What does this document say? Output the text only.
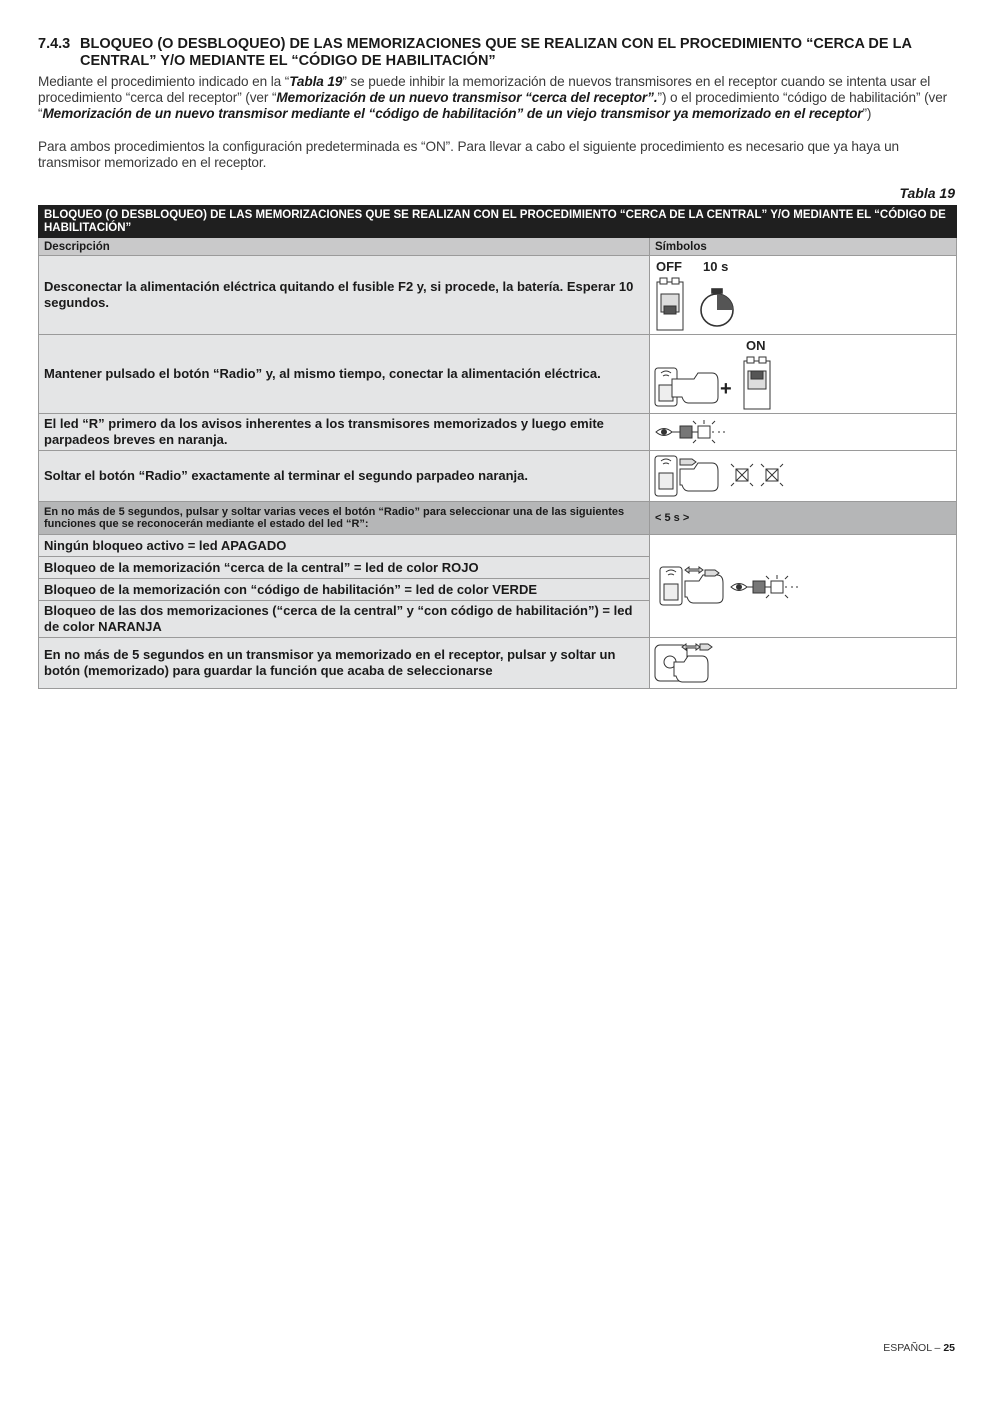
7.4.3 BLOQUEO (O DESBLOQUEO) DE LAS MEMORIZACIONES QUE SE REALIZAN CON EL PROCEDIMIENTO “CERCA DE LA CENTRAL” Y/O MEDIANTE EL “CÓDIGO DE HABILITACIÓN”

Mediante el procedimiento indicado en la “Tabla 19” se puede inhibir la memorización de nuevos transmisores en el receptor cuando se intenta usar el procedimiento “cerca del receptor” (ver “Memorización de un nuevo transmisor “cerca del receptor”.”) o el procedimiento “código de habilitación” (ver “Memorización de un nuevo transmisor mediante el “código de habilitación” de un viejo transmisor ya memorizado en el receptor”)

Para ambos procedimientos la configuración predeterminada es “ON”. Para llevar a cabo el siguiente procedimiento es necesario que ya haya un transmisor memorizado en el receptor.

Tabla 19
BLOQUEO (O DESBLOQUEO) DE LAS MEMORIZACIONES QUE SE REALIZAN CON EL PROCEDIMIENTO “CERCA DE LA CENTRAL” Y/O MEDIANTE EL “CÓDIGO DE HABILITACIÓN”	
Descripción	Símbolos
Desconectar la alimentación eléctrica quitando el fusible F2 y, si procede, la batería. Esperar 10 segundos.	OFF 10 s

Mantener pulsado el botón “Radio” y, al mismo tiempo, conectar la alimentación eléctrica.	+
ON

El led “R” primero da los avisos inherentes a los transmisores memorizados y luego emite parpadeos breves en naranja.	

Soltar el botón “Radio” exactamente al terminar el segundo parpadeo naranja.	

En no más de 5 segundos, pulsar y soltar varias veces el botón “Radio” para seleccionar una de las siguientes funciones que se reconocerán mediante el estado del led “R”:	< 5 s >
Ningún bloqueo activo = led APAGADO	

Bloqueo de la memorización “cerca de la central” = led de color ROJO	
Bloqueo de la memorización con “código de habilitación” = led de color VERDE	
Bloqueo de las dos memorizaciones (“cerca de la central” y “con código de habilitación”) = led de color NARANJA	
En no más de 5 segundos en un transmisor ya memorizado en el receptor, pulsar y soltar un botón (memorizado) para guardar la función que acaba de seleccionarse	
ESPAÑOL – 25
